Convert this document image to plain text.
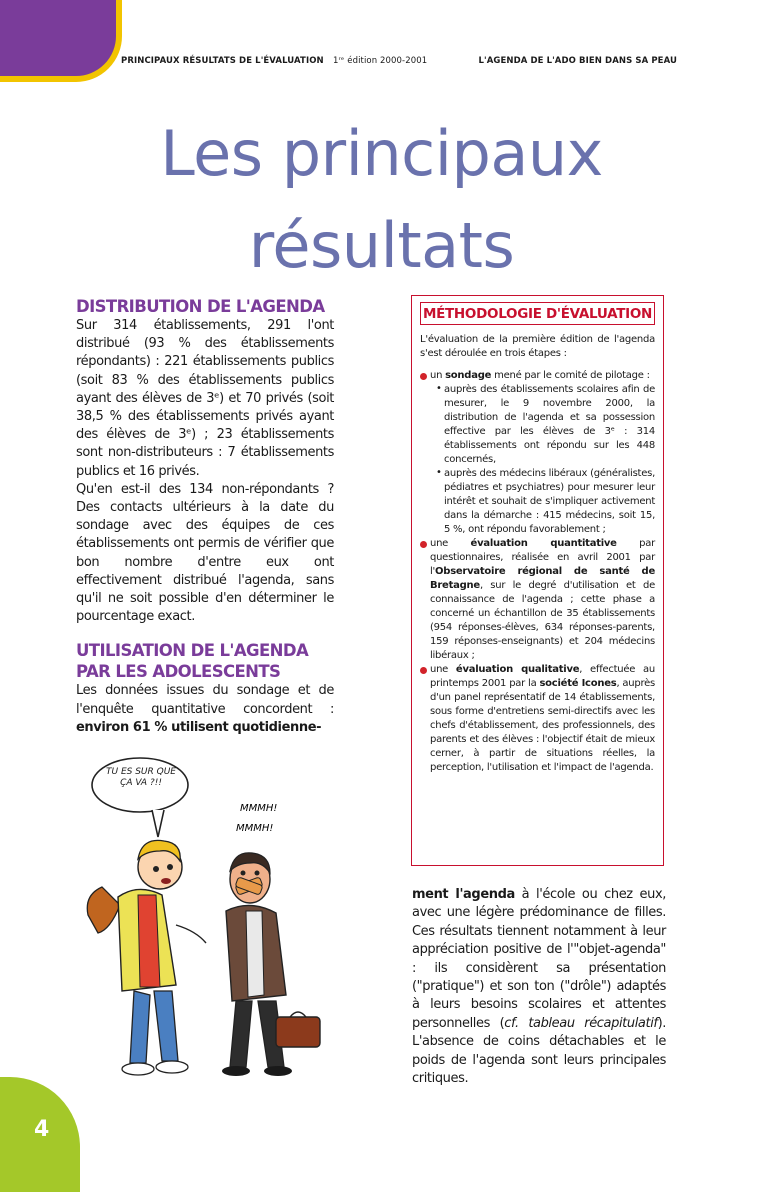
PRINCIPAUX RÉSULTATS DE L'ÉVALUATION 1ʳᵉ édition 2000-2001	L'AGENDA DE L'ADO BIEN DANS SA PEAU
Les principaux
résultats
DISTRIBUTION DE L'AGENDA

Sur 314 établissements, 291 l'ont distribué (93 % des établissements répondants) : 221 établissements publics (soit 83 % des établissements publics ayant des élèves de 3ᵉ) et 70 privés (soit 38,5 % des établissements privés ayant des élèves de 3ᵉ) ; 23 établissements sont non-distributeurs : 7 établissements publics et 16 privés.

Qu'en est-il des 134 non-répondants ? Des contacts ultérieurs à la date du sondage avec des équipes de ces établissements ont permis de vérifier que bon nombre d'entre eux ont effectivement distribué l'agenda, sans qu'il ne soit possible d'en déterminer le pourcentage exact.

UTILISATION DE L'AGENDA
PAR LES ADOLESCENTS

Les données issues du sondage et de l'enquête quantitative concordent : environ 61 % utilisent quotidienne-

TU ES SÛR QUE ÇA VA ?!!
MMMH!
MMMH!
MÉTHODOLOGIE D'ÉVALUATION

L'évaluation de la première édition de l'agenda s'est déroulée en trois étapes :

un sondage mené par le comité de pilotage :

• auprès des établissements scolaires afin de mesurer, le 9 novembre 2000, la distribution de l'agenda et sa possession effective par les élèves de 3ᵉ : 314 établissements ont répondu sur les 448 concernés,

• auprès des médecins libéraux (généralistes, pédiatres et psychiatres) pour mesurer leur intérêt et souhait de s'impliquer activement dans la démarche : 415 médecins, soit 15, 5 %, ont répondu favorablement ;

une évaluation quantitative par questionnaires, réalisée en avril 2001 par l'Observatoire régional de santé de Bretagne, sur le degré d'utilisation et de connaissance de l'agenda ; cette phase a concerné un échantillon de 35 établissements (954 réponses-élèves, 634 réponses-parents, 159 réponses-enseignants) et 204 médecins libéraux ;

une évaluation qualitative, effectuée au printemps 2001 par la société Icones, auprès d'un panel représentatif de 14 établissements, sous forme d'entretiens semi-directifs avec les chefs d'établissement, des professionnels, des parents et des élèves : l'objectif était de mieux cerner, à partir de situations réelles, la perception, l'utilisation et l'impact de l'agenda.

ment l'agenda à l'école ou chez eux, avec une légère prédominance de filles. Ces résultats tiennent notamment à leur appréciation positive de l'"objet-agenda" : ils considèrent sa présentation ("pratique") et son ton ("drôle") adaptés à leurs besoins scolaires et attentes personnelles (cf. tableau récapitulatif). L'absence de coins détachables et le poids de l'agenda sont leurs principales critiques.

4
